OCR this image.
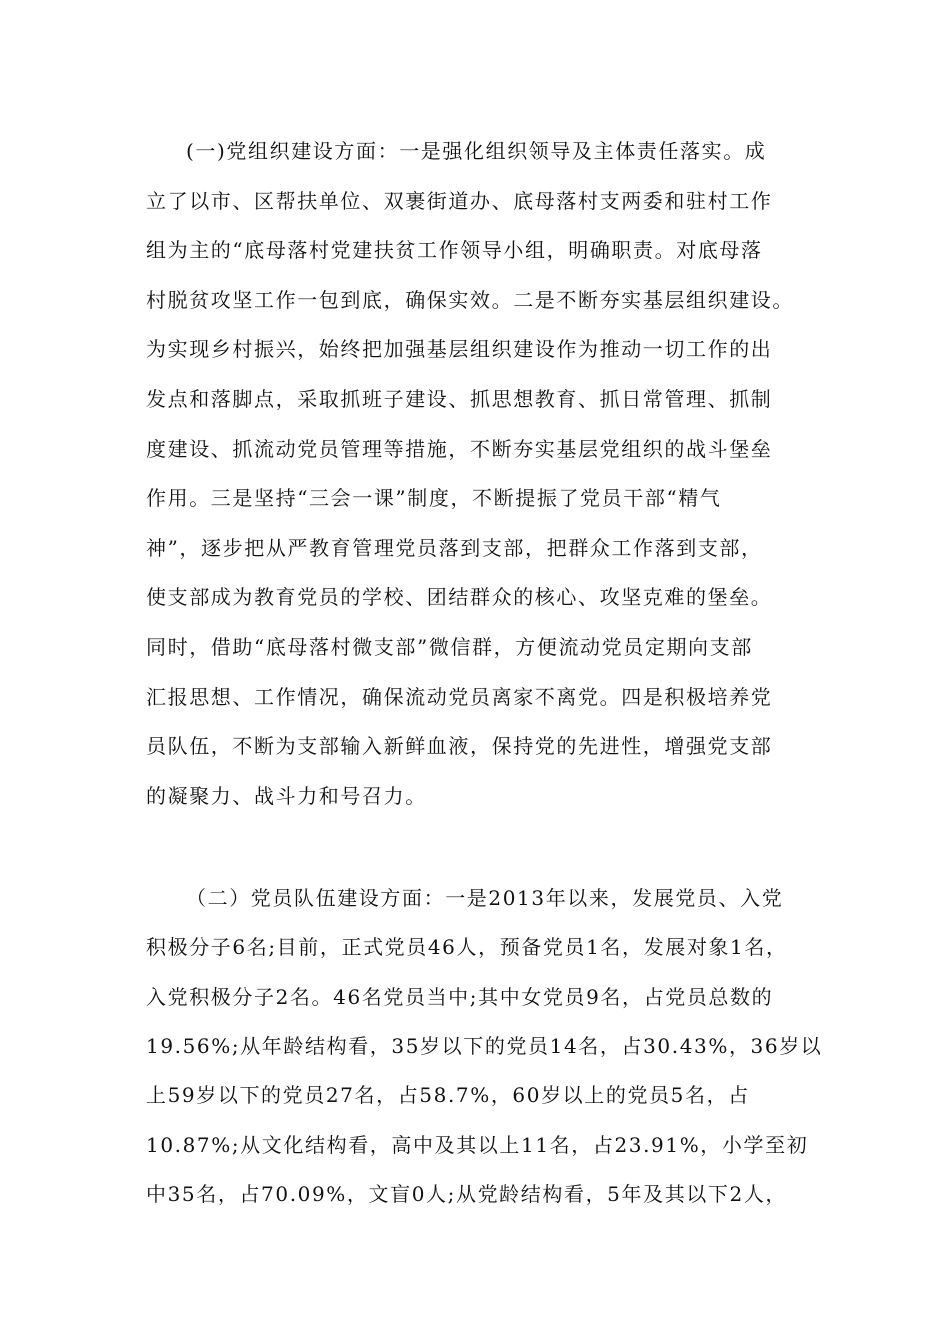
(一)党组织建设方面：一是强化组织领导及主体责任落实。成
立了以市、区帮扶单位、双裹街道办、底母落村支两委和驻村工作
组为主的“底母落村党建扶贫工作领导小组，明确职责。对底母落
村脱贫攻坚工作一包到底，确保实效。二是不断夯实基层组织建设。
为实现乡村振兴，始终把加强基层组织建设作为推动一切工作的出
发点和落脚点，采取抓班子建设、抓思想教育、抓日常管理、抓制
度建设、抓流动党员管理等措施，不断夯实基层党组织的战斗堡垒
作用。三是坚持“三会一课”制度，不断提振了党员干部“精气
神”，逐步把从严教育管理党员落到支部，把群众工作落到支部，
使支部成为教育党员的学校、团结群众的核心、攻坚克难的堡垒。
同时，借助“底母落村微支部”微信群，方便流动党员定期向支部
汇报思想、工作情况，确保流动党员离家不离党。四是积极培养党
员队伍，不断为支部输入新鲜血液，保持党的先进性，增强党支部
的凝聚力、战斗力和号召力。
（二）党员队伍建设方面：一是2013年以来，发展党员、入党
积极分子6名;目前，正式党员46人，预备党员1名，发展对象1名，
入党积极分子2名。46名党员当中;其中女党员9名，占党员总数的
19.56%;从年龄结构看，35岁以下的党员14名，占30.43%，36岁以
上59岁以下的党员27名，占58.7%，60岁以上的党员5名，占
10.87%;从文化结构看，高中及其以上11名，占23.91%，小学至初
中35名，占70.09%，文盲0人;从党龄结构看，5年及其以下2人，
